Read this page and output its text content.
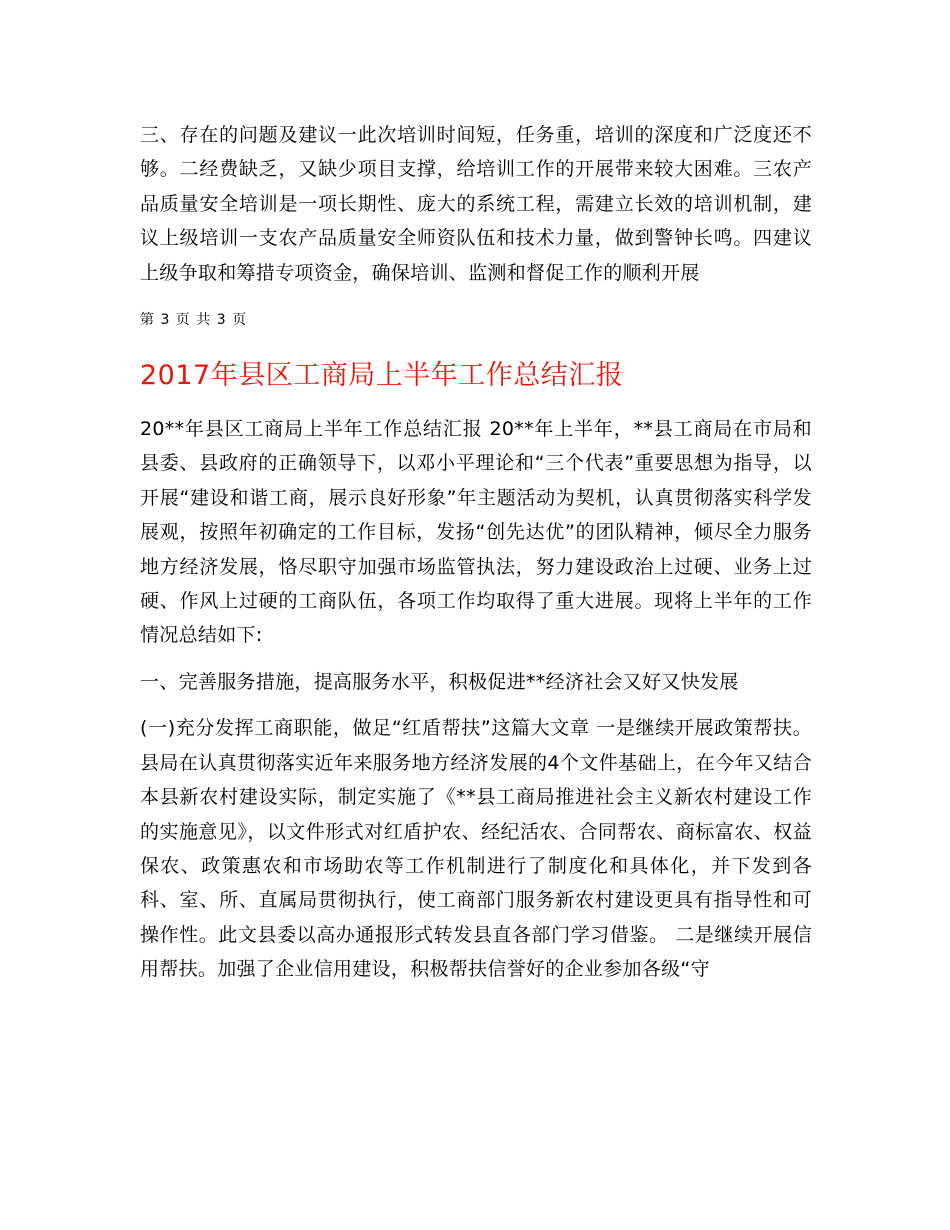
三、存在的问题及建议一此次培训时间短，任务重，培训的深度和广泛度还不够。二经费缺乏，又缺少项目支撑，给培训工作的开展带来较大困难。三农产品质量安全培训是一项长期性、庞大的系统工程，需建立长效的培训机制，建议上级培训一支农产品质量安全师资队伍和技术力量，做到警钟长鸣。四建议上级争取和筹措专项资金，确保培训、监测和督促工作的顺利开展

第 3 页 共 3 页

2017年县区工商局上半年工作总结汇报

20**年县区工商局上半年工作总结汇报 20**年上半年，**县工商局在市局和县委、县政府的正确领导下，以邓小平理论和“三个代表”重要思想为指导，以开展“建设和谐工商，展示良好形象”年主题活动为契机，认真贯彻落实科学发展观，按照年初确定的工作目标，发扬“创先达优”的团队精神，倾尽全力服务地方经济发展，恪尽职守加强市场监管执法，努力建设政治上过硬、业务上过硬、作风上过硬的工商队伍，各项工作均取得了重大进展。现将上半年的工作情况总结如下:

一、完善服务措施，提高服务水平，积极促进**经济社会又好又快发展

(一)充分发挥工商职能，做足“红盾帮扶”这篇大文章 一是继续开展政策帮扶。县局在认真贯彻落实近年来服务地方经济发展的4个文件基础上，在今年又结合本县新农村建设实际，制定实施了《**县工商局推进社会主义新农村建设工作的实施意见》，以文件形式对红盾护农、经纪活农、合同帮农、商标富农、权益保农、政策惠农和市场助农等工作机制进行了制度化和具体化，并下发到各科、室、所、直属局贯彻执行，使工商部门服务新农村建设更具有指导性和可操作性。此文县委以高办通报形式转发县直各部门学习借鉴。 二是继续开展信用帮扶。加强了企业信用建设，积极帮扶信誉好的企业参加各级“守
